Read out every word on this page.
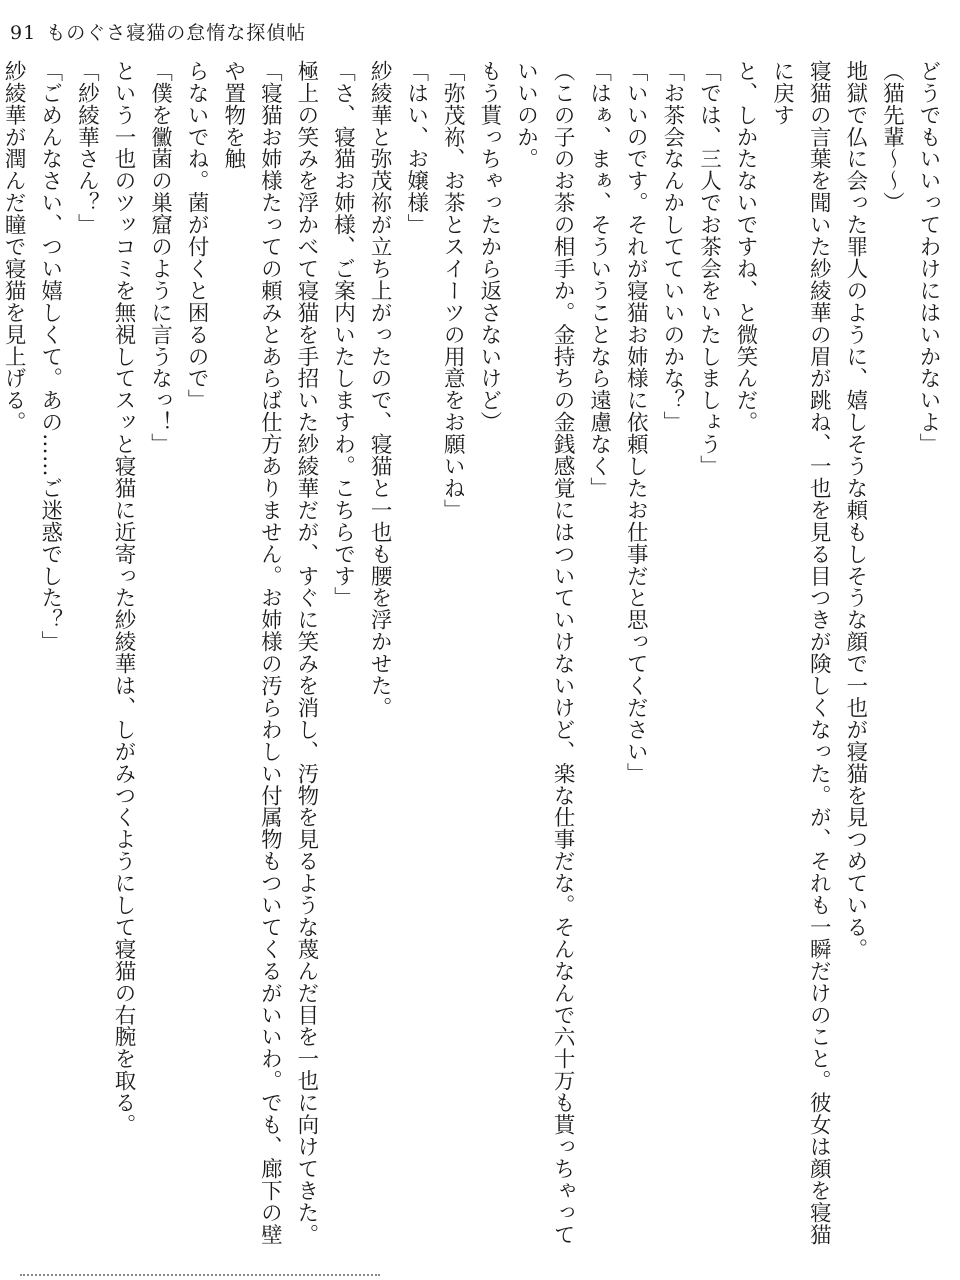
91 ものぐさ寝猫の怠惰な探偵帖

どうでもいいってわけにはいかないよ」

（猫先輩〜〜）

地獄で仏に会った罪人のように、嬉しそうな頼もしそうな顔で一也が寝猫を見つめている。

寝猫の言葉を聞いた紗綾華の眉が跳ね、一也を見る目つきが険しくなった。が、それも一瞬だけのこと。彼女は顔を寝猫に戻す

と、しかたないですね、と微笑んだ。

「では、三人でお茶会をいたしましょう」

「お茶会なんかしてていいのかな？」

「いいのです。それが寝猫お姉様に依頼したお仕事だと思ってください」

「はぁ、まぁ、そういうことなら遠慮なく」

（この子のお茶の相手か。金持ちの金銭感覚にはついていけないけど、楽な仕事だな。そんなんで六十万も貰っちゃっていいのか。

もう貰っちゃったから返さないけど）

「弥茂祢、お茶とスイーツの用意をお願いね」

「はい、お嬢様」

紗綾華と弥茂祢が立ち上がったので、寝猫と一也も腰を浮かせた。

「さ、寝猫お姉様、ご案内いたしますわ。こちらです」

極上の笑みを浮かべて寝猫を手招いた紗綾華だが、すぐに笑みを消し、汚物を見るような蔑んだ目を一也に向けてきた。

「寝猫お姉様たっての頼みとあらば仕方ありません。お姉様の汚らわしい付属物もついてくるがいいわ。でも、廊下の壁や置物を触

らないでね。菌が付くと困るので」

「僕を黴菌の巣窟のように言うなっ！」

という一也のツッコミを無視してスッと寝猫に近寄った紗綾華は、しがみつくようにして寝猫の右腕を取る。

「紗綾華さん？」

「ごめんなさい、つい嬉しくて。あの……ご迷惑でした？」

紗綾華が潤んだ瞳で寝猫を見上げる。
